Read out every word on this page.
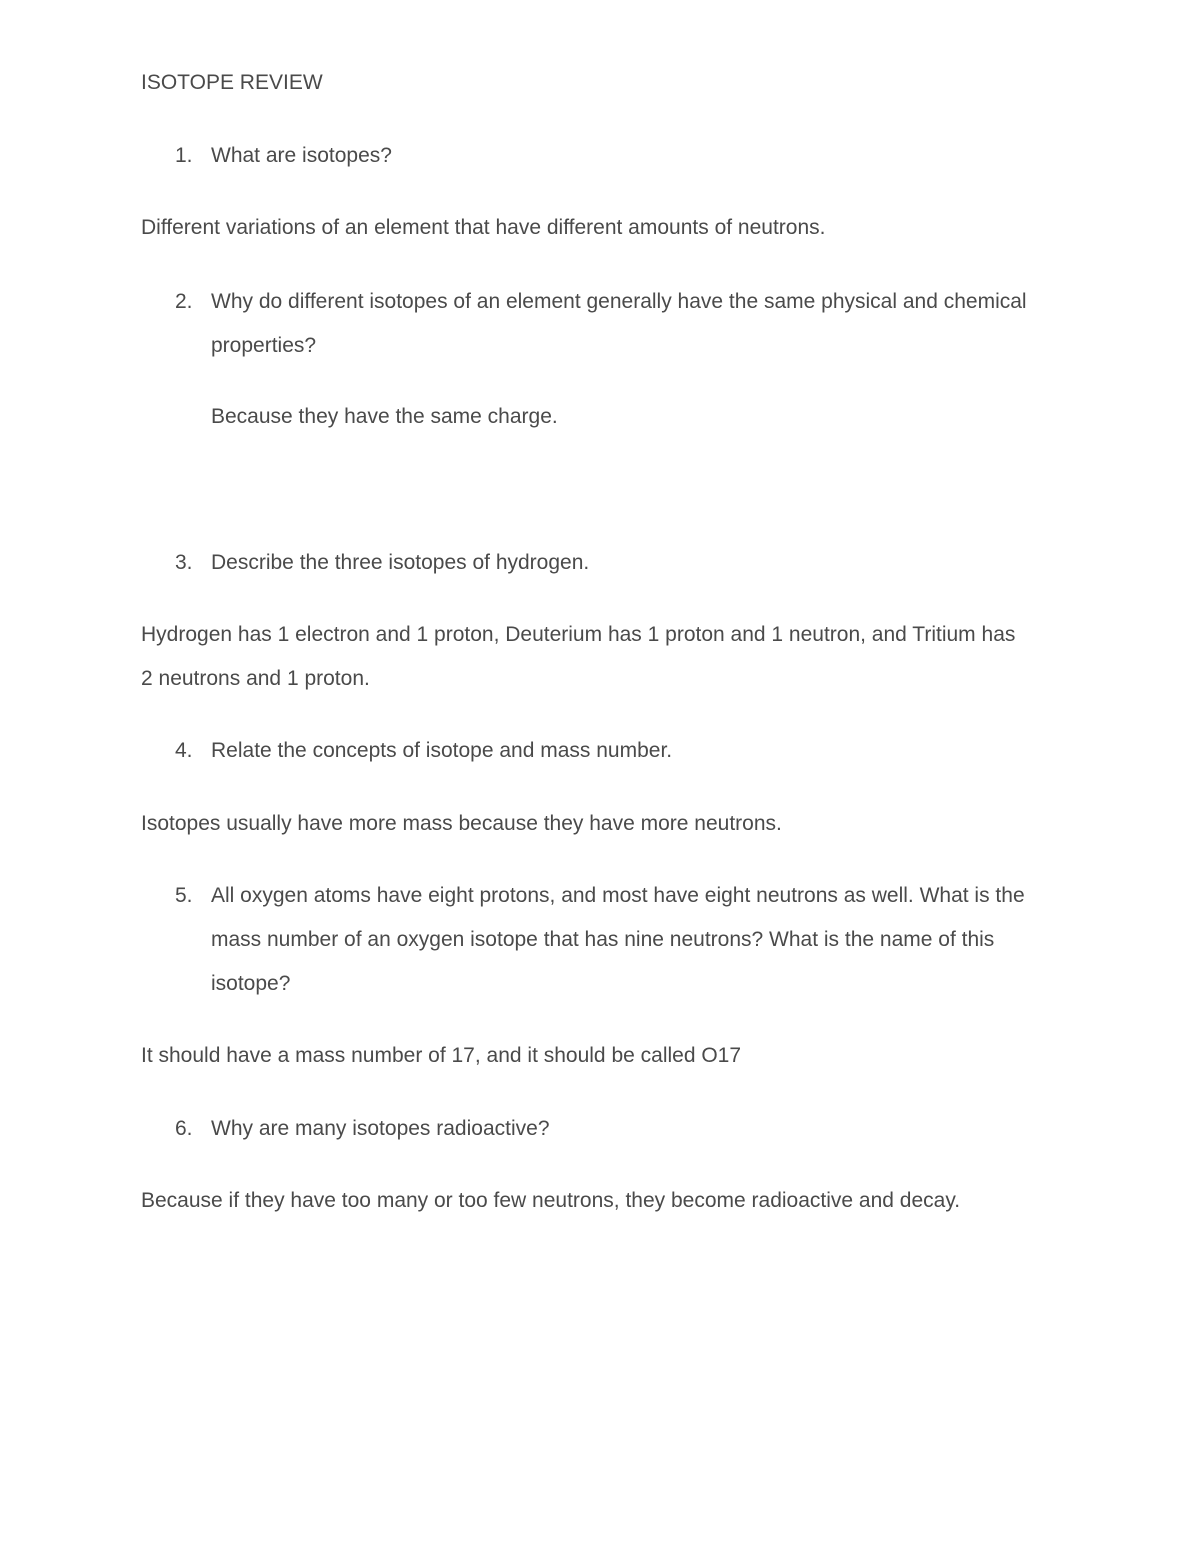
ISOTOPE REVIEW

1. What are isotopes?

Different variations of an element that have different amounts of neutrons.

2. Why do different isotopes of an element generally have the same physical and chemical properties?

Because they have the same charge.

3. Describe the three isotopes of hydrogen.

Hydrogen has 1 electron and 1 proton, Deuterium has 1 proton and 1 neutron, and Tritium has 2 neutrons and 1 proton.

4. Relate the concepts of isotope and mass number.

Isotopes usually have more mass because they have more neutrons.

5. All oxygen atoms have eight protons, and most have eight neutrons as well. What is the mass number of an oxygen isotope that has nine neutrons? What is the name of this isotope?

It should have a mass number of 17, and it should be called O17

6. Why are many isotopes radioactive?

Because if they have too many or too few neutrons, they become radioactive and decay.
